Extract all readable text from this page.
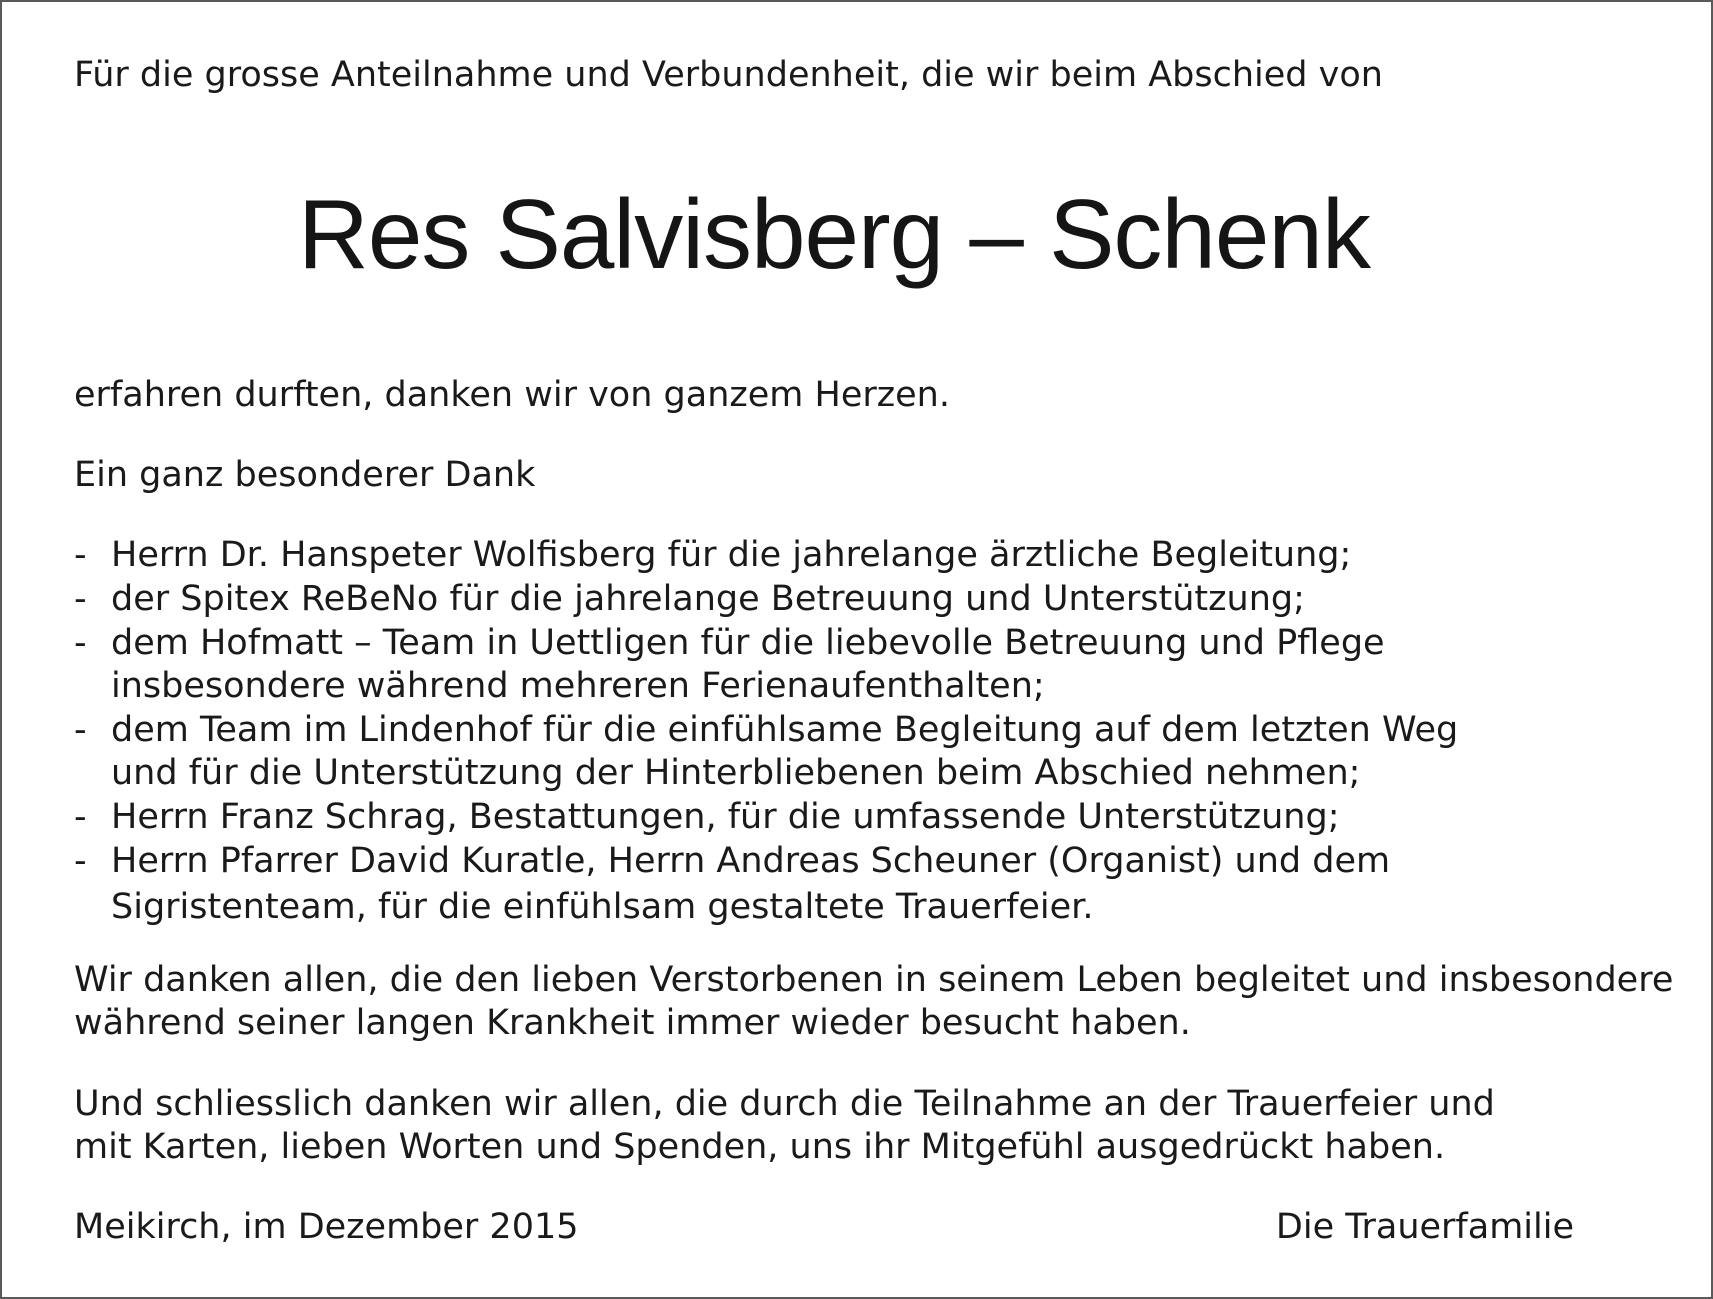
Für die grosse Anteilnahme und Verbundenheit, die wir beim Abschied von
Res Salvisberg – Schenk
erfahren durften, danken wir von ganzem Herzen.
Ein ganz besonderer Dank
- Herrn Dr. Hanspeter Wolfisberg für die jahrelange ärztliche Begleitung;
- der Spitex ReBeNo für die jahrelange Betreuung und Unterstützung;
- dem Hofmatt – Team in Uettligen für die liebevolle Betreuung und Pflege
insbesondere während mehreren Ferienaufenthalten;
- dem Team im Lindenhof für die einfühlsame Begleitung auf dem letzten Weg
und für die Unterstützung der Hinterbliebenen beim Abschied nehmen;
- Herrn Franz Schrag, Bestattungen, für die umfassende Unterstützung;
- Herrn Pfarrer David Kuratle, Herrn Andreas Scheuner (Organist) und dem
Sigristenteam, für die einfühlsam gestaltete Trauerfeier.
Wir danken allen, die den lieben Verstorbenen in seinem Leben begleitet und insbesondere
während seiner langen Krankheit immer wieder besucht haben.
Und schliesslich danken wir allen, die durch die Teilnahme an der Trauerfeier und
mit Karten, lieben Worten und Spenden, uns ihr Mitgefühl ausgedrückt haben.
Meikirch, im Dezember 2015	Die Trauerfamilie
